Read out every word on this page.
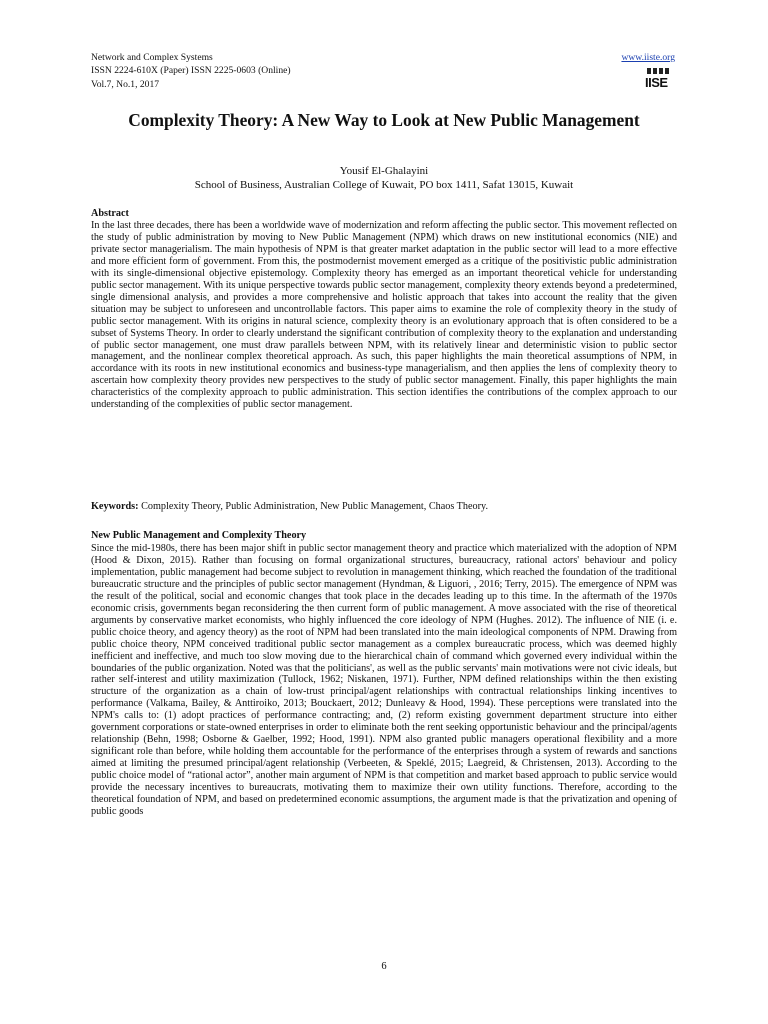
Network and Complex Systems
ISSN 2224-610X (Paper) ISSN 2225-0603 (Online)
Vol.7, No.1, 2017
www.iiste.org
IISE
Complexity Theory: A New Way to Look at New Public Management
Yousif El-Ghalayini
School of Business, Australian College of Kuwait, PO box 1411, Safat 13015, Kuwait
Abstract
In the last three decades, there has been a worldwide wave of modernization and reform affecting the public sector. This movement reflected on the study of public administration by moving to New Public Management (NPM) which draws on new institutional economics (NIE) and private sector managerialism. The main hypothesis of NPM is that greater market adaptation in the public sector will lead to a more effective and more efficient form of government. From this, the postmodernist movement emerged as a critique of the positivistic public administration with its single-dimensional objective epistemology. Complexity theory has emerged as an important theoretical vehicle for understanding public sector management. With its unique perspective towards public sector management, complexity theory extends beyond a predetermined, single dimensional analysis, and provides a more comprehensive and holistic approach that takes into account the reality that the given situation may be subject to unforeseen and uncontrollable factors. This paper aims to examine the role of complexity theory in the study of public sector management. With its origins in natural science, complexity theory is an evolutionary approach that is often considered to be a subset of Systems Theory. In order to clearly understand the significant contribution of complexity theory to the explanation and understanding of public sector management, one must draw parallels between NPM, with its relatively linear and deterministic vision to public sector management, and the nonlinear complex theoretical approach. As such, this paper highlights the main theoretical assumptions of NPM, in accordance with its roots in new institutional economics and business-type managerialism, and then applies the lens of complexity theory to ascertain how complexity theory provides new perspectives to the study of public sector management. Finally, this paper highlights the main characteristics of the complexity approach to public administration. This section identifies the contributions of the complex approach to our understanding of the complexities of public sector management.
Keywords: Complexity Theory, Public Administration, New Public Management, Chaos Theory.
New Public Management and Complexity Theory
Since the mid-1980s, there has been major shift in public sector management theory and practice which materialized with the adoption of NPM (Hood & Dixon, 2015). Rather than focusing on formal organizational structures, bureaucracy, rational actors' behaviour and policy implementation, public management had become subject to revolution in management thinking, which reached the foundation of the traditional bureaucratic structure and the principles of public sector management (Hyndman, & Liguori, , 2016; Terry, 2015). The emergence of NPM was the result of the political, social and economic changes that took place in the decades leading up to this time. In the aftermath of the 1970s economic crisis, governments began reconsidering the then current form of public management. A move associated with the rise of theoretical arguments by conservative market economists, who highly influenced the core ideology of NPM (Hughes. 2012). The influence of NIE (i. e. public choice theory, and agency theory) as the root of NPM had been translated into the main ideological components of NPM. Drawing from public choice theory, NPM conceived traditional public sector management as a complex bureaucratic process, which was deemed highly inefficient and ineffective, and much too slow moving due to the hierarchical chain of command which governed every individual within the boundaries of the public organization. Noted was that the politicians', as well as the public servants' main motivations were not civic ideals, but rather self-interest and utility maximization (Tullock, 1962; Niskanen, 1971). Further, NPM defined relationships within the then existing structure of the organization as a chain of low-trust principal/agent relationships with contractual relationships linking incentives to performance (Valkama, Bailey, & Anttiroiko, 2013; Bouckaert, 2012; Dunleavy & Hood, 1994). These perceptions were translated into the NPM's calls to: (1) adopt practices of performance contracting; and, (2) reform existing government department structure into either government corporations or state-owned enterprises in order to eliminate both the rent seeking opportunistic behaviour and the principal/agents relationship (Behn, 1998; Osborne & Gaelber, 1992; Hood, 1991). NPM also granted public managers operational flexibility and a more significant role than before, while holding them accountable for the performance of the enterprises through a system of rewards and sanctions aimed at limiting the presumed principal/agent relationship (Verbeeten, & Speklé, 2015; Laegreid, & Christensen, 2013). According to the public choice model of “rational actor”, another main argument of NPM is that competition and market based approach to public service would provide the necessary incentives to bureaucrats, motivating them to maximize their own utility functions. Therefore, according to the theoretical foundation of NPM, and based on predetermined economic assumptions, the argument made is that the privatization and opening of public goods
6
